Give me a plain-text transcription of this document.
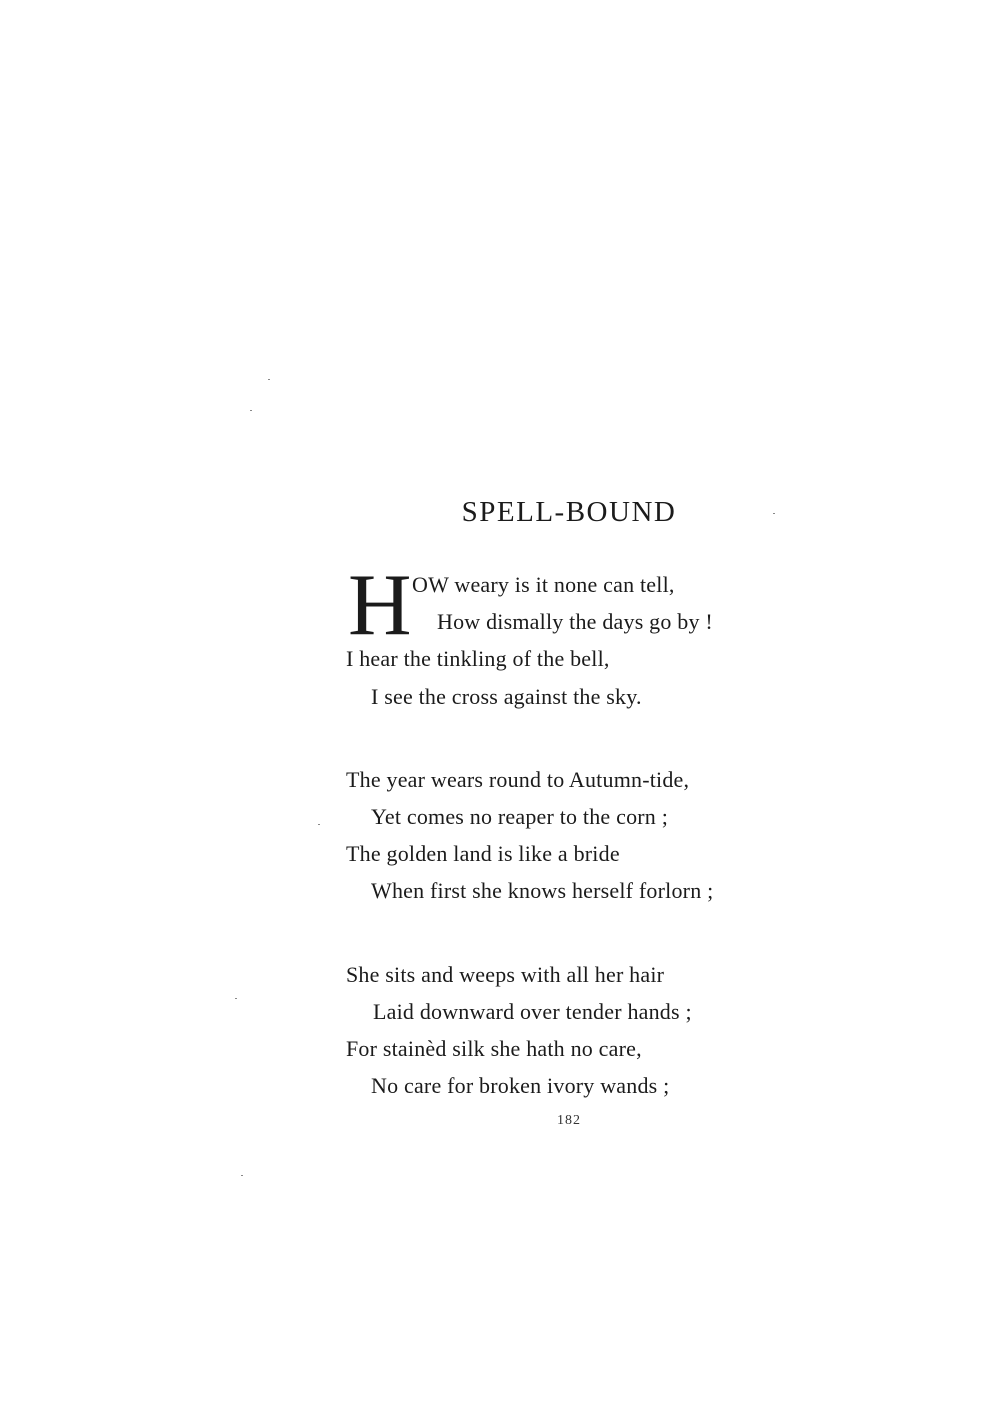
SPELL-BOUND
H OW weary is it none can tell,
How dismally the days go by !
I hear the tinkling of the bell,
I see the cross against the sky.
The year wears round to Autumn-tide,
Yet comes no reaper to the corn ;
The golden land is like a bride
When first she knows herself forlorn ;
She sits and weeps with all her hair
Laid downward over tender hands ;
For stainèd silk she hath no care,
No care for broken ivory wands ;
182
